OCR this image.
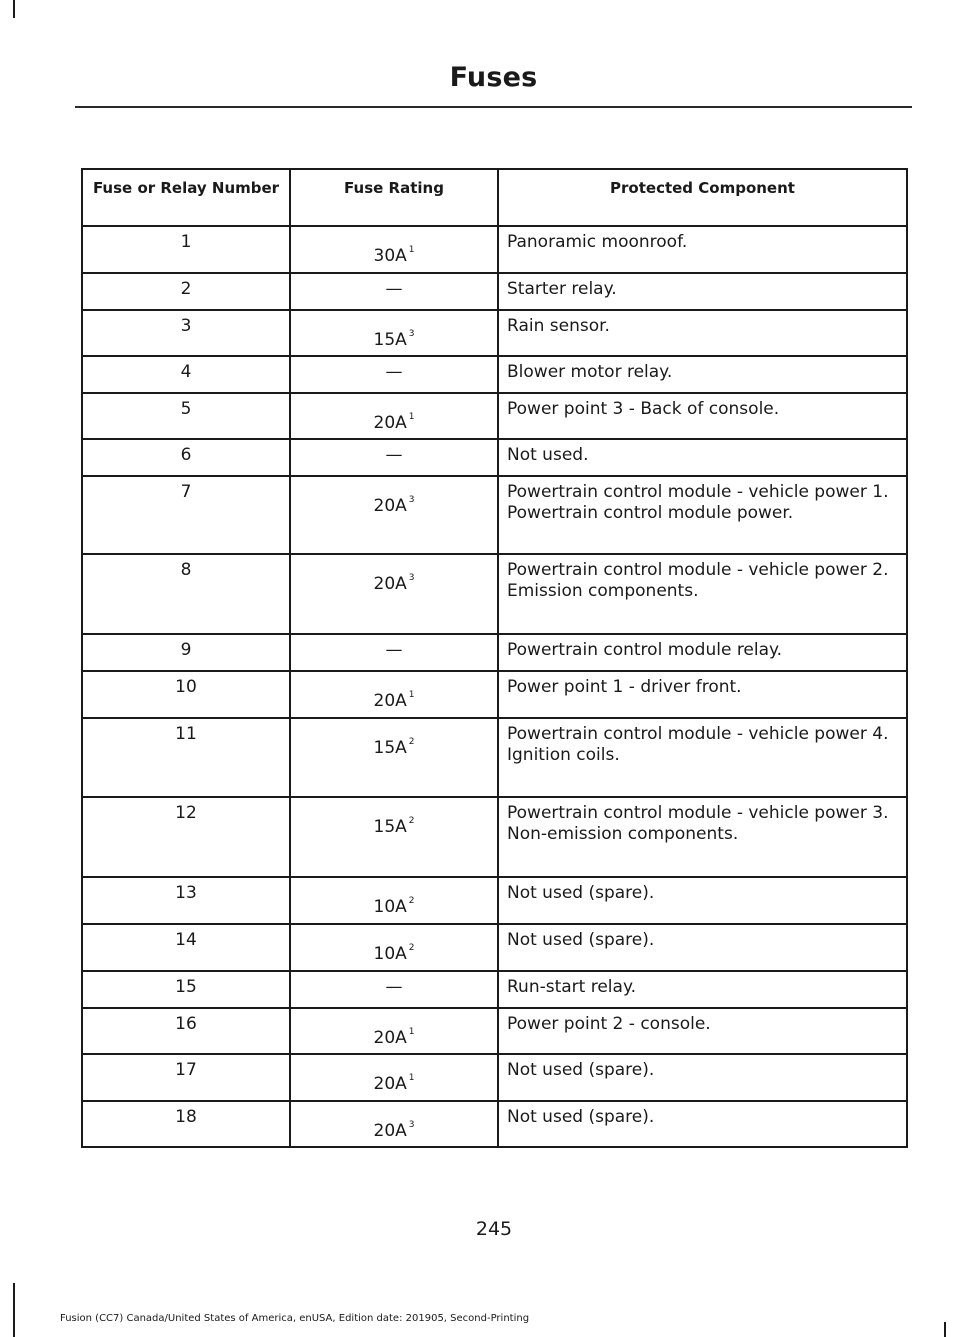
Fuses
Fuse or Relay Number	Fuse Rating	Protected Component
1	30A $^1$	Panoramic moonroof.

2	—	Starter relay.

3	15A $^3$	Rain sensor.

4	—	Blower motor relay.

5	20A $^1$	Power point 3 - Back of console.

6	—	Not used.

7	20A $^3$	Powertrain control module - vehicle power 1.
Powertrain control module power.

8	20A $^3$	Powertrain control module - vehicle power 2.
Emission components.

9	—	Powertrain control module relay.

10	20A $^1$	Power point 1 - driver front.

11	15A $^2$	Powertrain control module - vehicle power 4.
Ignition coils.

12	15A $^2$	Powertrain control module - vehicle power 3.
Non-emission components.

13	10A $^2$	Not used (spare).

14	10A $^2$	Not used (spare).

15	—	Run-start relay.

16	20A $^1$	Power point 2 - console.

17	20A $^1$	Not used (spare).

18	20A $^3$	Not used (spare).
245
Fusion (CC7) Canada/United States of America, enUSA, Edition date: 201905, Second-Printing
